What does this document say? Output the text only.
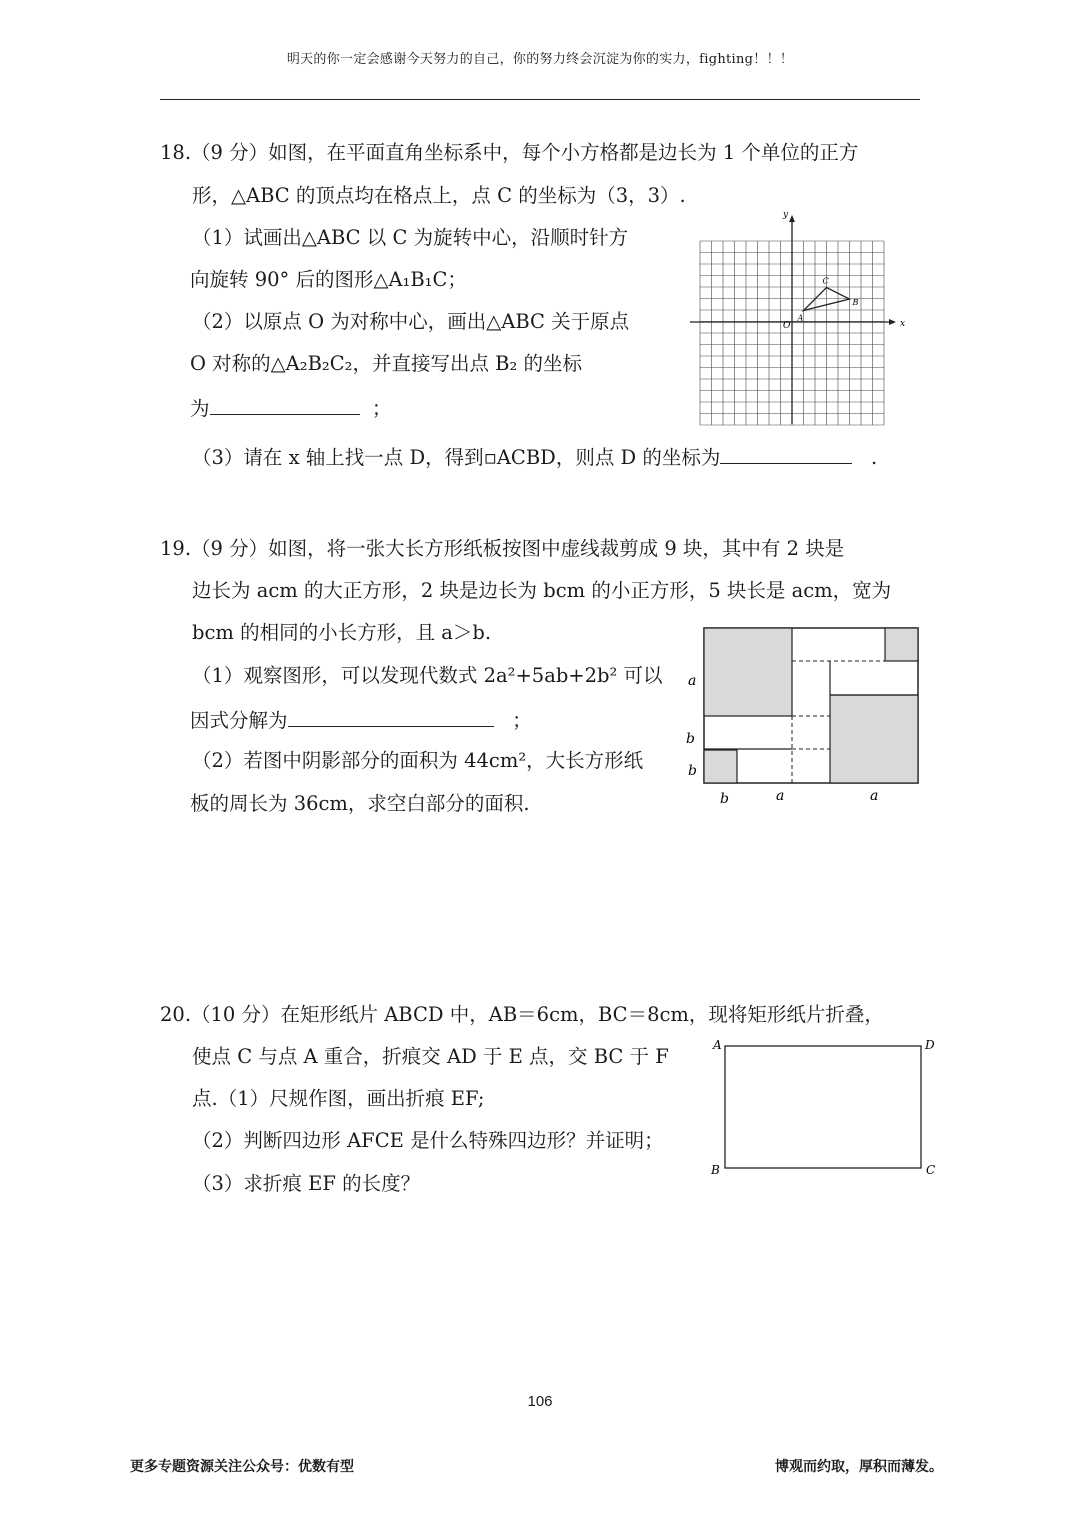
明天的你一定会感谢今天努力的自己，你的努力终会沉淀为你的实力，fighting！！！
18.（9 分）如图，在平面直角坐标系中，每个小方格都是边长为 1 个单位的正方
形，△ABC 的顶点均在格点上，点 C 的坐标为（3，3）.
（1）试画出△ABC 以 C 为旋转中心，沿顺时针方
向旋转 90° 后的图形△A₁B₁C；
（2）以原点 O 为对称中心，画出△ABC 关于原点
O 对称的△A₂B₂C₂，并直接写出点 B₂ 的坐标
为	；
（3）请在 x 轴上找一点 D，得到▫ACBD，则点 D 的坐标为	.
x
y
O
A
B
C
19.（9 分）如图，将一张大长方形纸板按图中虚线裁剪成 9 块，其中有 2 块是
边长为 acm 的大正方形，2 块是边长为 bcm 的小正方形，5 块长是 acm，宽为
bcm 的相同的小长方形，且 a＞b.
（1）观察图形，可以发现代数式 2a²+5ab+2b² 可以
因式分解为	；
（2）若图中阴影部分的面积为 44cm²，大长方形纸
板的周长为 36cm，求空白部分的面积.
a
b
b
b	a	a
20.（10 分）在矩形纸片 ABCD 中，AB＝6cm，BC＝8cm，现将矩形纸片折叠，
使点 C 与点 A 重合，折痕交 AD 于 E 点，交 BC 于 F
点.（1）尺规作图，画出折痕 EF;
（2）判断四边形 AFCE 是什么特殊四边形？并证明；
（3）求折痕 EF 的长度？
A	D
B	C
106
更多专题资源关注公众号：优数有型	博观而约取，厚积而薄发。
